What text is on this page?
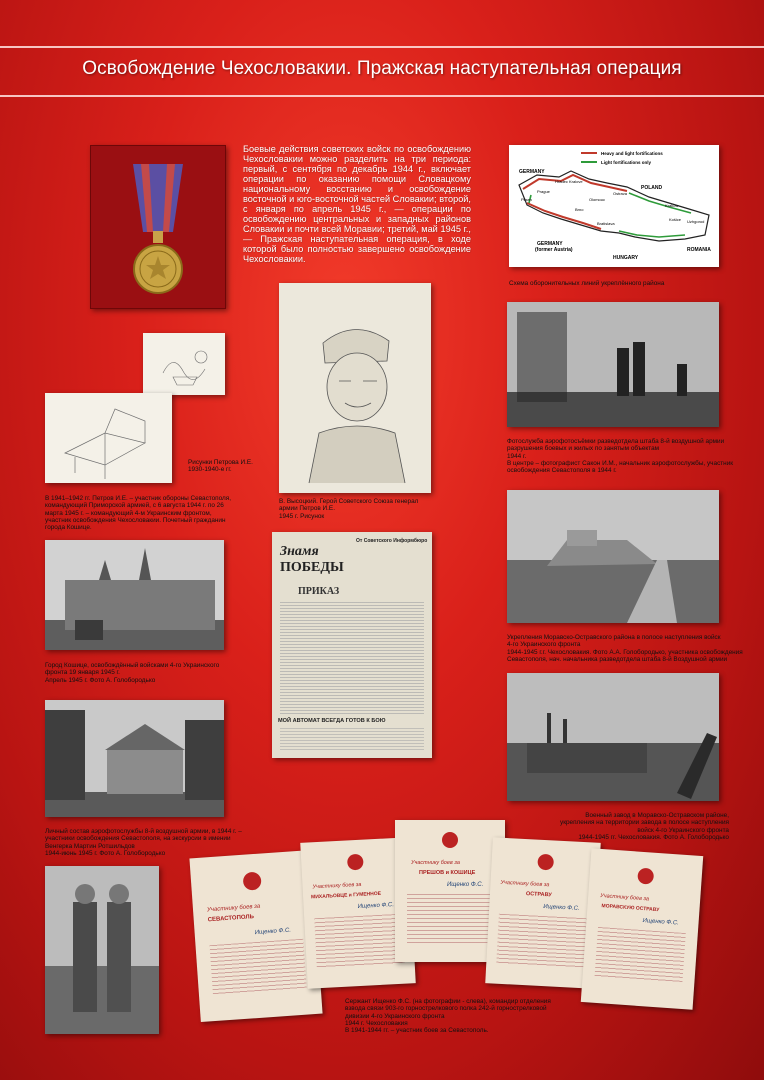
Освобождение Чехословакии. Пражская наступательная операция
Боевые действия советских войск по освобождению Чехословакии можно разделить на три периода: первый, с сентября по декабрь 1944 г., включает операции по оказанию помощи Словацкому национальному восстанию и освобождение восточной и юго-восточной частей Словакии; второй, с января по апрель 1945 г., — операции по освобождению центральных и западных районов Словакии и почти всей Моравии; третий, май 1945 г., — Пражская наступательная операция, в ходе которой было полностью завершено освобождение Чехословакии.
Heavy and light fortifications
Light fortifications only
GERMANY
POLAND
GERMANY
(former Austria)
HUNGARY
ROMANIA
Prague
Kraków
Bratislava
Ostrava
Olomouc
Brno
Pilsen
Hradec Kralove
Košice Uzhgorod
Схема оборонительных линий укреплённого района
Рисунки Петрова И.Е.
1930-1940-е гг.
В 1941–1942 гг. Петров И.Е. – участник обороны Севастополя,
командующий Приморской армией, с 6 августа 1944 г. по 26
марта 1945 г. – командующий 4-м Украинским фронтом,
участник освобождения Чехословакии. Почетный гражданин
города Кошице.
В. Высоцкий. Герой Советского Союза генерал
армии Петров И.Е.
1945 г. Рисунок
Фотослужба аэрофотосъёмки разведотдела штаба 8-й воздушной армии
разрушения боевых и жилых по занятым объектам
1944 г.
В центре – фотографист Сакон И.М., начальник аэрофотослужбы, участник
освобождения Севастополя в 1944 г.
Укрепления Моравско-Остравского района в полосе наступления войск
4-го Украинского фронта
1944-1945 г.г. Чехословакия. Фото А.А. Голобородько, участника освобождения
Севастополя, нач. начальника разведотдела штаба 8-й Воздушной армии
Город Кошице, освобождённый войсками 4-го Украинского
фронта 19 января 1945 г.
Апрель 1945 г. Фото А. Голобородько
Знамя
ПОБЕДЫ
От Советского Информбюро
ПРИКАЗ
МОЙ АВТОМАТ ВСЕГДА ГОТОВ К БОЮ
Военный завод в Моравско-Остравском районе,
укрепления на территории завода в полосе наступления
войск 4-го Украинского фронта
1944-1945 гг. Чехословакия. Фото А. Голобородько
Личный состав аэрофотослужбы 8-й воздушной армии, в 1944 г. –
участники освобождения Севастополя, на экскурсии в имении
Венгерка Мартин Ротшильдов
1944-июнь 1945 г. Фото А. Голобородько
Участнику боев за
СЕВАСТОПОЛЬ
Ищенко Ф.С.
Участнику боев за
МИХАЛЬОВЦЕ и ГУМЕННОЕ
Ищенко Ф.С.
Участнику боев за
ПРЕШОВ и КОШИЦЕ
Ищенко Ф.С.	Участнику боев за
ОСТРАВУ
Ищенко Ф.С.
Участнику боев за
МОРАВСКУЮ ОСТРАВУ
Ищенко Ф.С.
Сержант Ищенко Ф.С. (на фотографии - слева), командир отделения
взвода связи 903-го горнострелкового полка 242-й горнострелковой
дивизии 4-го Украинского фронта
1944 г. Чехословакия
В 1941-1944 гг. – участник боев за Севастополь.
